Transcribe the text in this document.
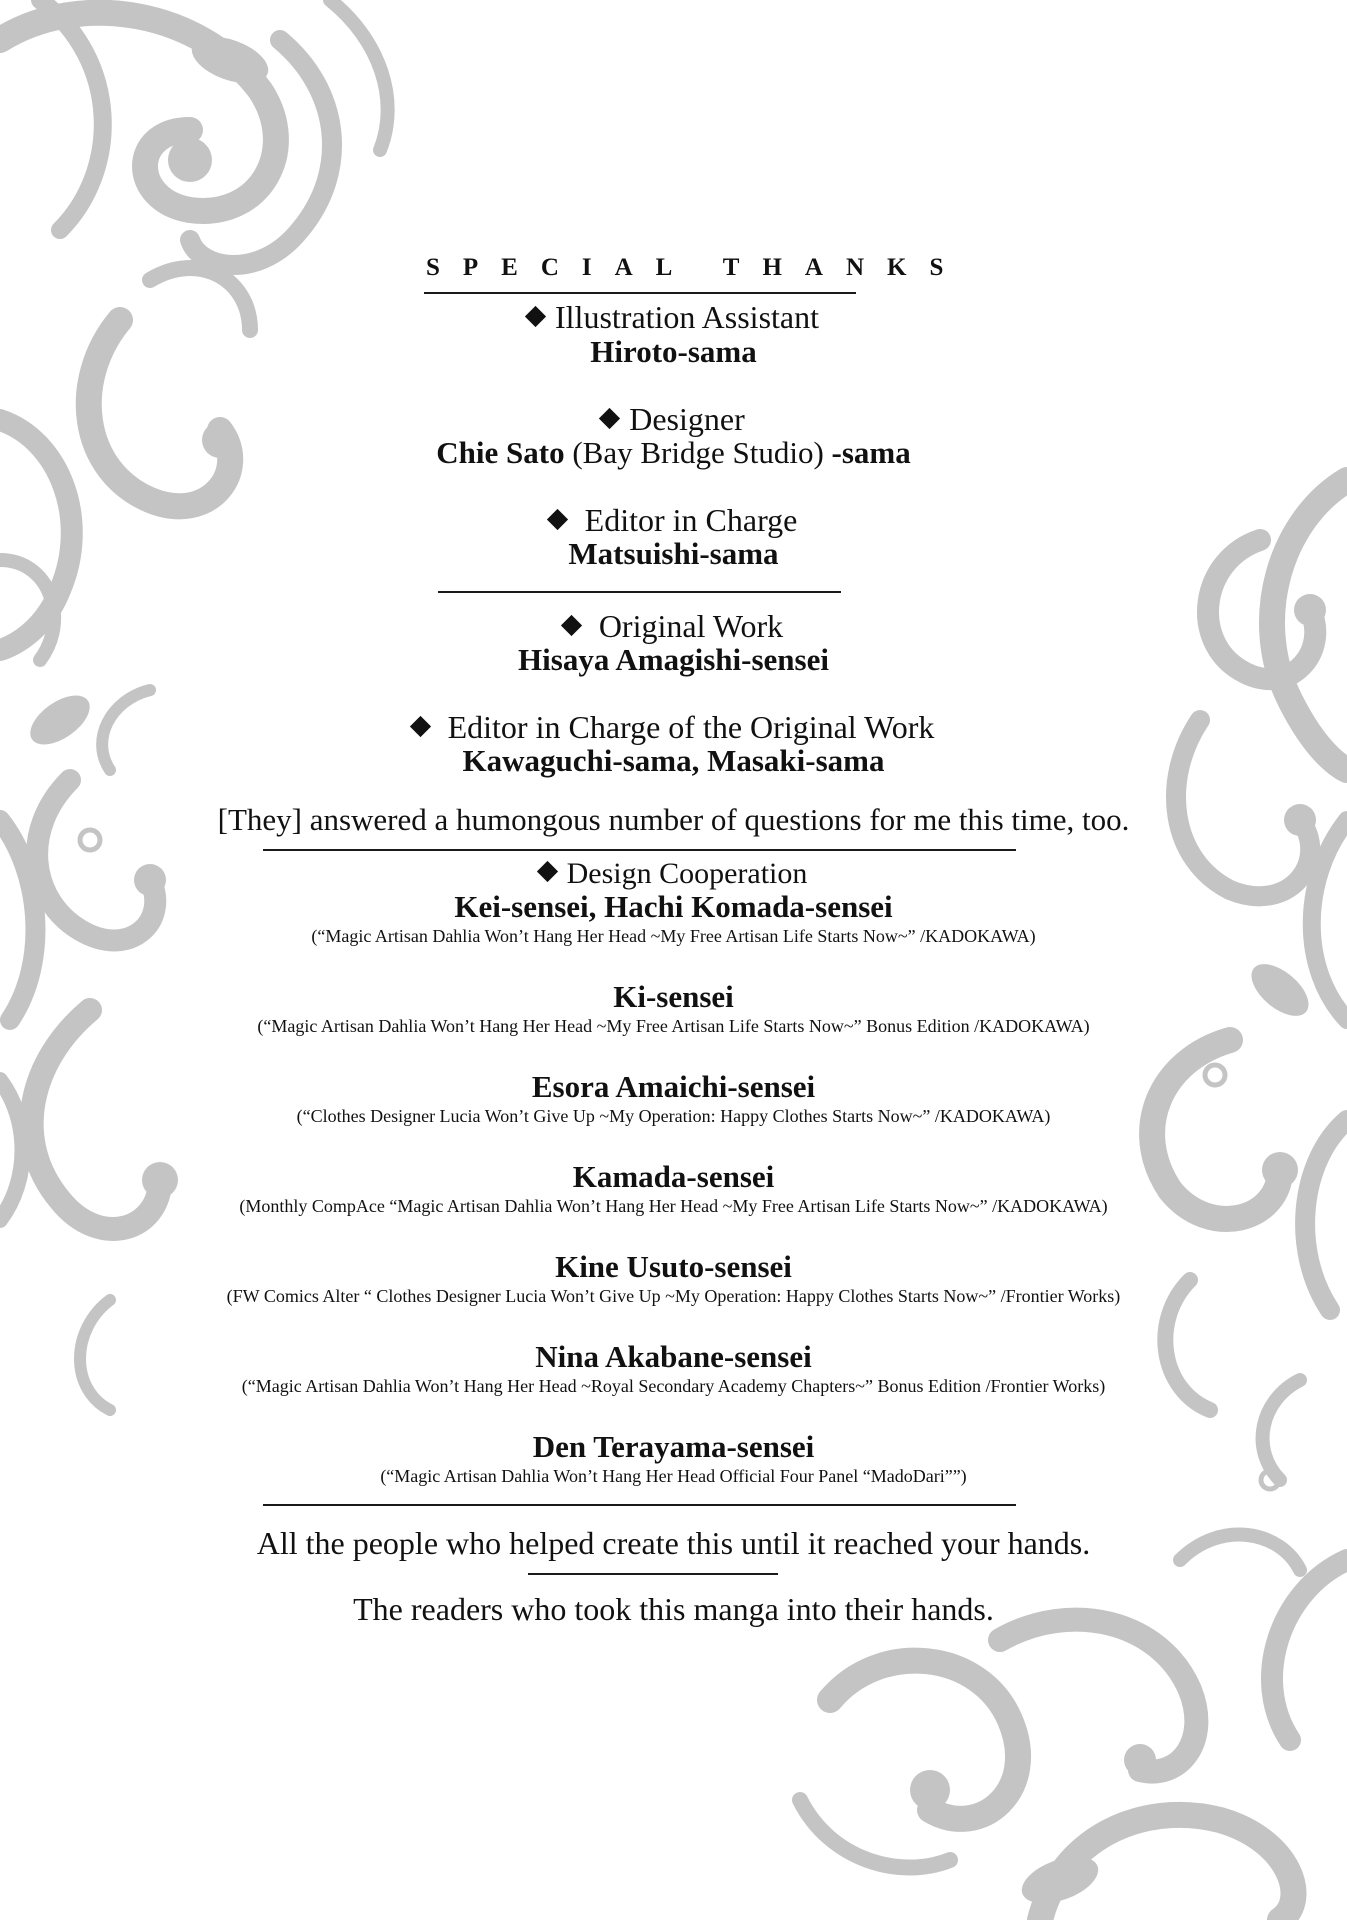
SPECIAL THANKS
Illustration Assistant
Hiroto-sama
Designer
Chie Sato (Bay Bridge Studio) -sama
Editor in Charge
Matsuishi-sama
Original Work
Hisaya Amagishi-sensei
Editor in Charge of the Original Work
Kawaguchi-sama, Masaki-sama
[They] answered a humongous number of questions for me this time, too.
Design Cooperation
Kei-sensei, Hachi Komada-sensei
(“Magic Artisan Dahlia Won’t Hang Her Head ~My Free Artisan Life Starts Now~” /KADOKAWA)
Ki-sensei
(“Magic Artisan Dahlia Won’t Hang Her Head ~My Free Artisan Life Starts Now~” Bonus Edition /KADOKAWA)
Esora Amaichi-sensei
(“Clothes Designer Lucia Won’t Give Up ~My Operation: Happy Clothes Starts Now~” /KADOKAWA)
Kamada-sensei
(Monthly CompAce “Magic Artisan Dahlia Won’t Hang Her Head ~My Free Artisan Life Starts Now~” /KADOKAWA)
Kine Usuto-sensei
(FW Comics Alter “ Clothes Designer Lucia Won’t Give Up ~My Operation: Happy Clothes Starts Now~” /Frontier Works)
Nina Akabane-sensei
(“Magic Artisan Dahlia Won’t Hang Her Head ~Royal Secondary Academy Chapters~” Bonus Edition /Frontier Works)
Den Terayama-sensei
(“Magic Artisan Dahlia Won’t Hang Her Head Official Four Panel “MadoDari””)
All the people who helped create this until it reached your hands.
The readers who took this manga into their hands.
